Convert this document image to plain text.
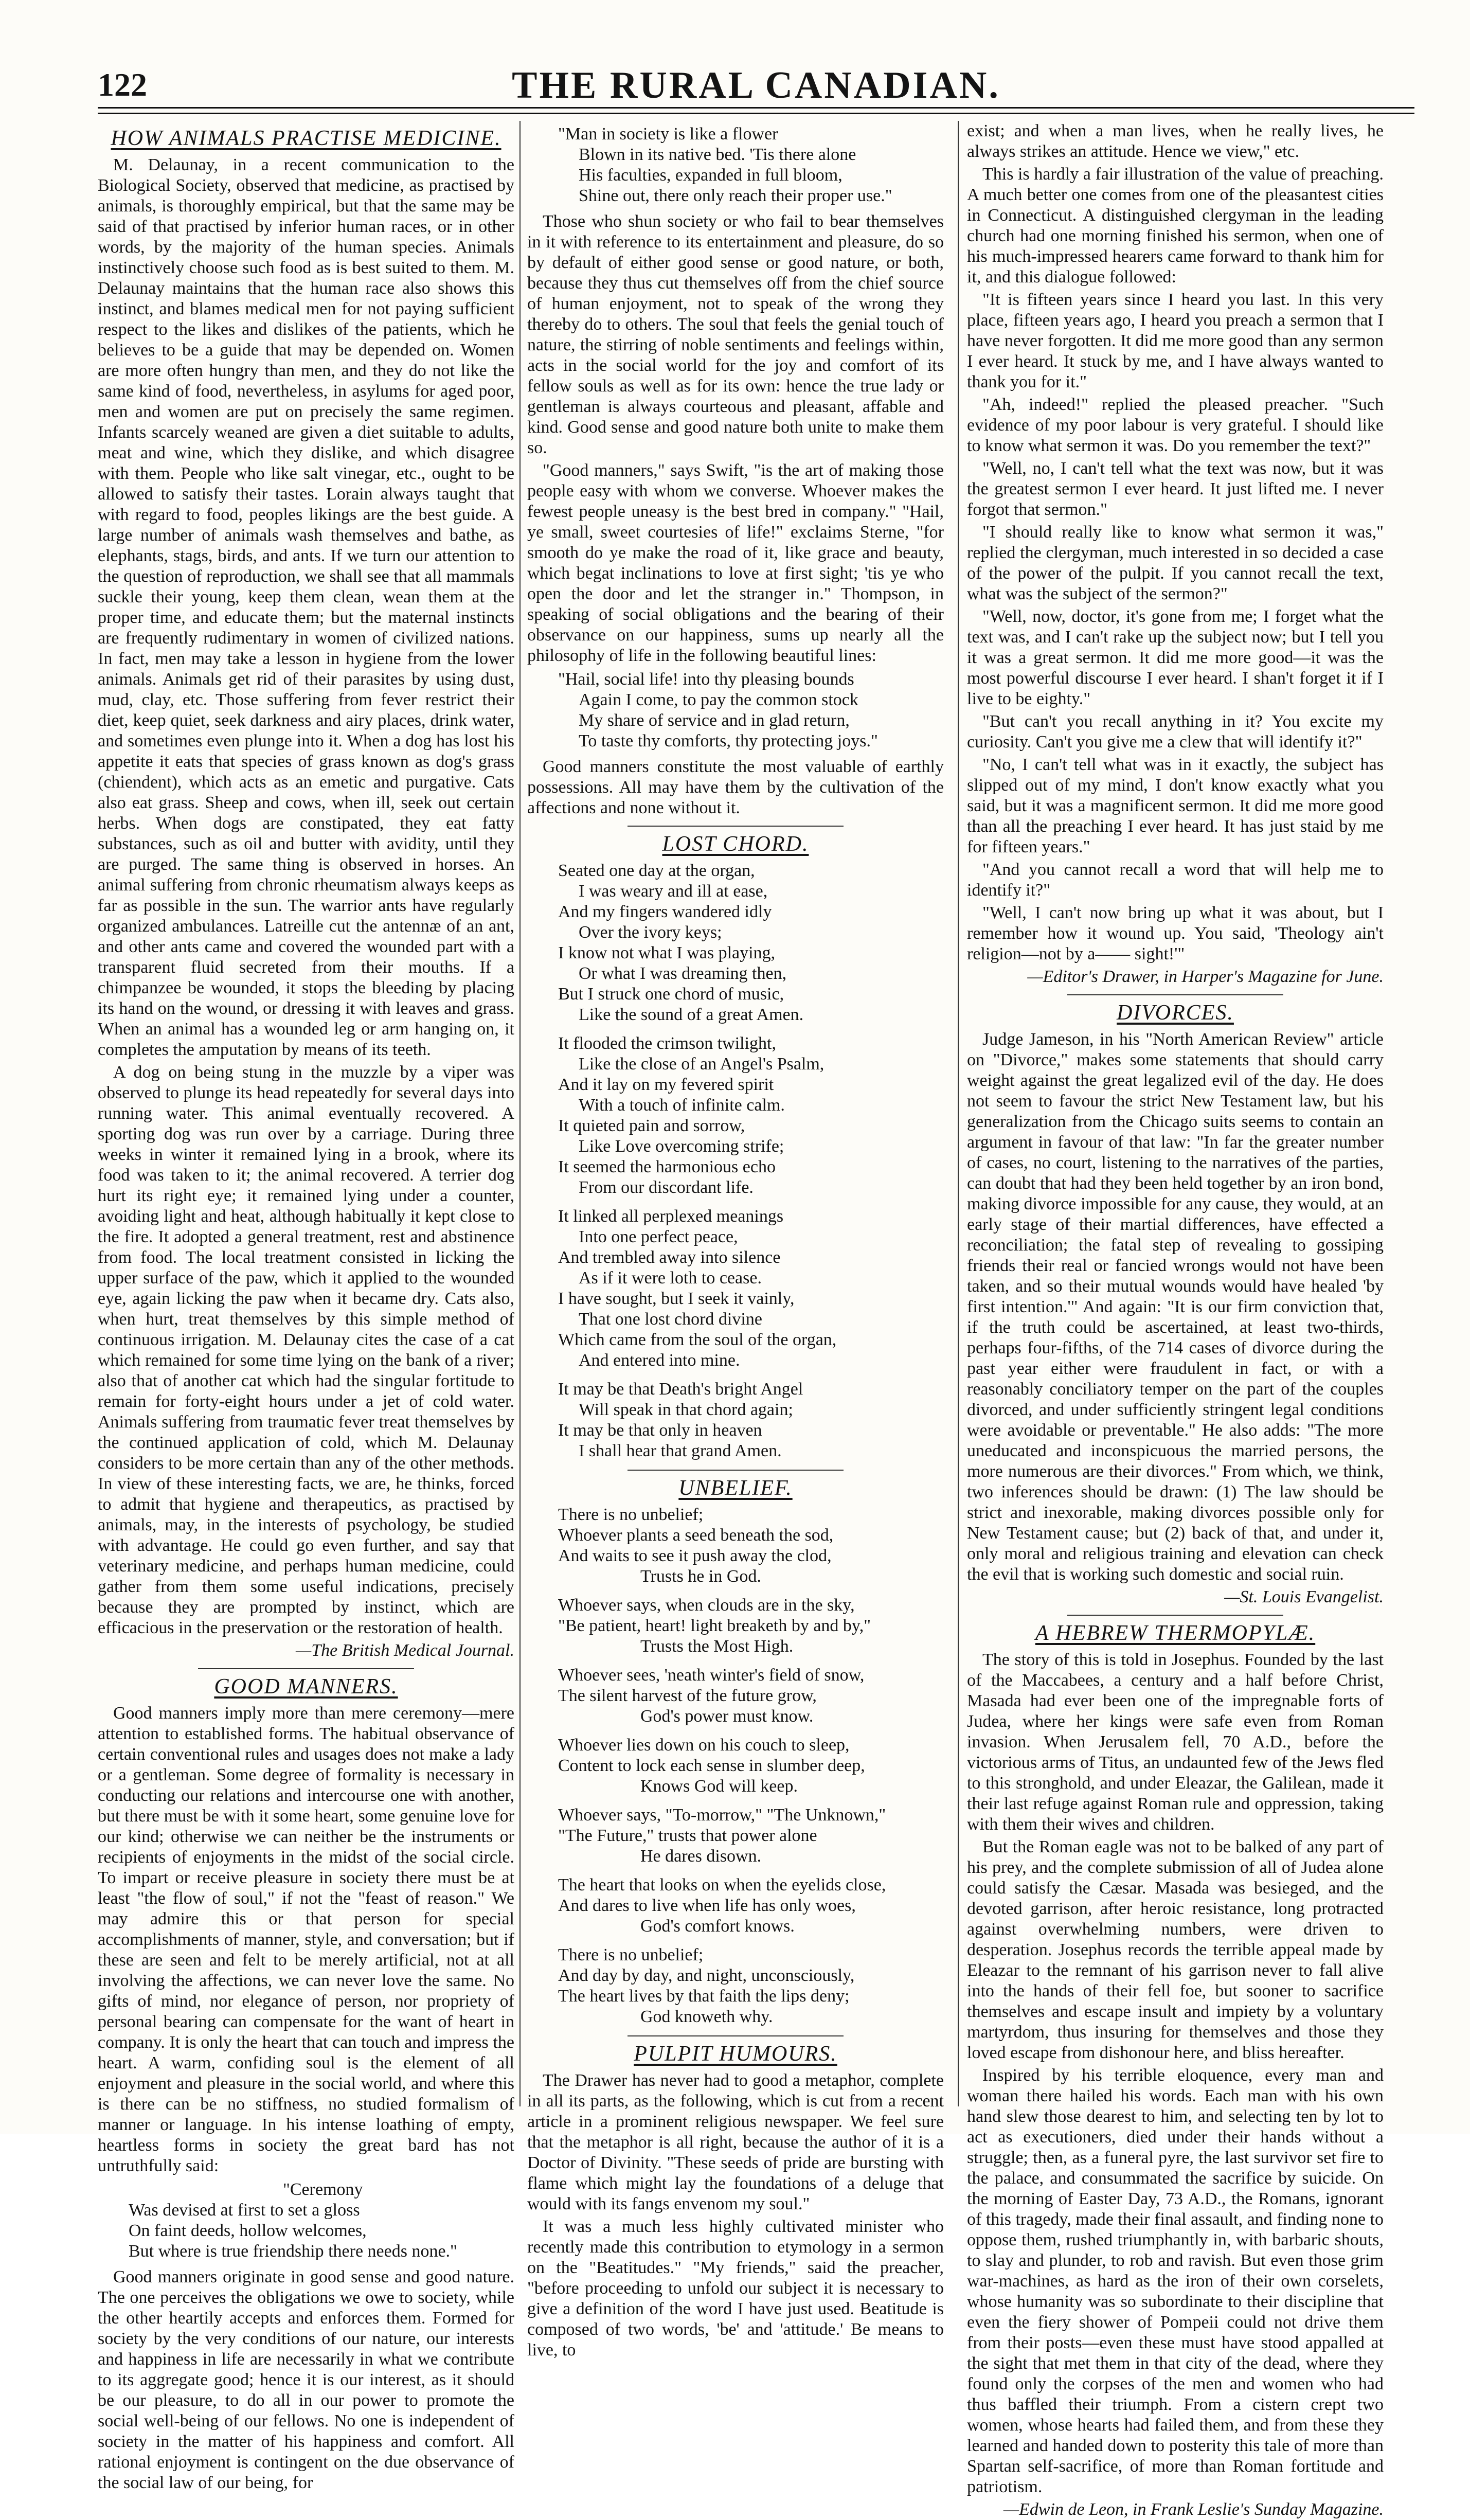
122	THE RURAL CANADIAN.
HOW ANIMALS PRACTISE MEDICINE.

M. Delaunay, in a recent communication to the Biological Society, observed that medicine, as practised by animals, is thoroughly empirical, but that the same may be said of that practised by inferior human races, or in other words, by the majority of the human species. Animals instinctively choose such food as is best suited to them. M. Delaunay maintains that the human race also shows this instinct, and blames medical men for not paying sufficient respect to the likes and dislikes of the patients, which he believes to be a guide that may be depended on. Women are more often hungry than men, and they do not like the same kind of food, nevertheless, in asylums for aged poor, men and women are put on precisely the same regimen. Infants scarcely weaned are given a diet suitable to adults, meat and wine, which they dislike, and which disagree with them. People who like salt vinegar, etc., ought to be allowed to satisfy their tastes. Lorain always taught that with regard to food, peoples likings are the best guide. A large number of animals wash themselves and bathe, as elephants, stags, birds, and ants. If we turn our attention to the question of reproduction, we shall see that all mammals suckle their young, keep them clean, wean them at the proper time, and educate them; but the maternal instincts are frequently rudimentary in women of civilized nations. In fact, men may take a lesson in hygiene from the lower animals. Animals get rid of their parasites by using dust, mud, clay, etc. Those suffering from fever restrict their diet, keep quiet, seek darkness and airy places, drink water, and sometimes even plunge into it. When a dog has lost his appetite it eats that species of grass known as dog's grass (chiendent), which acts as an emetic and purgative. Cats also eat grass. Sheep and cows, when ill, seek out certain herbs. When dogs are constipated, they eat fatty substances, such as oil and butter with avidity, until they are purged. The same thing is observed in horses. An animal suffering from chronic rheumatism always keeps as far as possible in the sun. The warrior ants have regularly organized ambulances. Latreille cut the antennæ of an ant, and other ants came and covered the wounded part with a transparent fluid secreted from their mouths. If a chimpanzee be wounded, it stops the bleeding by placing its hand on the wound, or dressing it with leaves and grass. When an animal has a wounded leg or arm hanging on, it completes the amputation by means of its teeth.

A dog on being stung in the muzzle by a viper was observed to plunge its head repeatedly for several days into running water. This animal eventually recovered. A sporting dog was run over by a carriage. During three weeks in winter it remained lying in a brook, where its food was taken to it; the animal recovered. A terrier dog hurt its right eye; it remained lying under a counter, avoiding light and heat, although habitually it kept close to the fire. It adopted a general treatment, rest and abstinence from food. The local treatment consisted in licking the upper surface of the paw, which it applied to the wounded eye, again licking the paw when it became dry. Cats also, when hurt, treat themselves by this simple method of continuous irrigation. M. Delaunay cites the case of a cat which remained for some time lying on the bank of a river; also that of another cat which had the singular fortitude to remain for forty-eight hours under a jet of cold water. Animals suffering from traumatic fever treat themselves by the continued application of cold, which M. Delaunay considers to be more certain than any of the other methods. In view of these interesting facts, we are, he thinks, forced to admit that hygiene and therapeutics, as practised by animals, may, in the interests of psychology, be studied with advantage. He could go even further, and say that veterinary medicine, and perhaps human medicine, could gather from them some useful indications, precisely because they are prompted by instinct, which are efficacious in the preservation or the restoration of health.

—The British Medical Journal.

GOOD MANNERS.

Good manners imply more than mere ceremony—mere attention to established forms. The habitual observance of certain conventional rules and usages does not make a lady or a gentleman. Some degree of formality is necessary in conducting our relations and intercourse one with another, but there must be with it some heart, some genuine love for our kind; otherwise we can neither be the instruments or recipients of enjoyments in the midst of the social circle. To impart or receive pleasure in society there must be at least "the flow of soul," if not the "feast of reason." We may admire this or that person for special accomplishments of manner, style, and conversation; but if these are seen and felt to be merely artificial, not at all involving the affections, we can never love the same. No gifts of mind, nor elegance of person, nor propriety of personal bearing can compensate for the want of heart in company. It is only the heart that can touch and impress the heart. A warm, confiding soul is the element of all enjoyment and pleasure in the social world, and where this is there can be no stiffness, no studied formalism of manner or language. In his intense loathing of empty, heartless forms in society the great bard has not untruthfully said:

"Ceremony
Was devised at first to set a gloss
On faint deeds, hollow welcomes,
But where is true friendship there needs none."

Good manners originate in good sense and good nature. The one perceives the obligations we owe to society, while the other heartily accepts and enforces them. Formed for society by the very conditions of our nature, our interests and happiness in life are necessarily in what we contribute to its aggregate good; hence it is our interest, as it should be our pleasure, to do all in our power to promote the social well-being of our fellows. No one is independent of society in the matter of his happiness and comfort. All rational enjoyment is contingent on the due observance of the social law of our being, for

"Man in society is like a flower
Blown in its native bed. 'Tis there alone
His faculties, expanded in full bloom,
Shine out, there only reach their proper use."

Those who shun society or who fail to bear themselves in it with reference to its entertainment and pleasure, do so by default of either good sense or good nature, or both, because they thus cut themselves off from the chief source of human enjoyment, not to speak of the wrong they thereby do to others. The soul that feels the genial touch of nature, the stirring of noble sentiments and feelings within, acts in the social world for the joy and comfort of its fellow souls as well as for its own: hence the true lady or gentleman is always courteous and pleasant, affable and kind. Good sense and good nature both unite to make them so.

"Good manners," says Swift, "is the art of making those people easy with whom we converse. Whoever makes the fewest people uneasy is the best bred in company." "Hail, ye small, sweet courtesies of life!" exclaims Sterne, "for smooth do ye make the road of it, like grace and beauty, which begat inclinations to love at first sight; 'tis ye who open the door and let the stranger in." Thompson, in speaking of social obligations and the bearing of their observance on our happiness, sums up nearly all the philosophy of life in the following beautiful lines:

"Hail, social life! into thy pleasing bounds
Again I come, to pay the common stock
My share of service and in glad return,
To taste thy comforts, thy protecting joys."

Good manners constitute the most valuable of earthly possessions. All may have them by the cultivation of the affections and none without it.

LOST CHORD.
Seated one day at the organ,
I was weary and ill at ease,
And my fingers wandered idly
Over the ivory keys;
I know not what I was playing,
Or what I was dreaming then,
But I struck one chord of music,
Like the sound of a great Amen.
It flooded the crimson twilight,
Like the close of an Angel's Psalm,
And it lay on my fevered spirit
With a touch of infinite calm.
It quieted pain and sorrow,
Like Love overcoming strife;
It seemed the harmonious echo
From our discordant life.
It linked all perplexed meanings
Into one perfect peace,
And trembled away into silence
As if it were loth to cease.
I have sought, but I seek it vainly,
That one lost chord divine
Which came from the soul of the organ,
And entered into mine.
It may be that Death's bright Angel
Will speak in that chord again;
It may be that only in heaven
I shall hear that grand Amen.
UNBELIEF.
There is no unbelief;
Whoever plants a seed beneath the sod,
And waits to see it push away the clod,
Trusts he in God.
Whoever says, when clouds are in the sky,
"Be patient, heart! light breaketh by and by,"
Trusts the Most High.
Whoever sees, 'neath winter's field of snow,
The silent harvest of the future grow,
God's power must know.
Whoever lies down on his couch to sleep,
Content to lock each sense in slumber deep,
Knows God will keep.
Whoever says, "To-morrow," "The Unknown,"
"The Future," trusts that power alone
He dares disown.
The heart that looks on when the eyelids close,
And dares to live when life has only woes,
God's comfort knows.
There is no unbelief;
And day by day, and night, unconsciously,
The heart lives by that faith the lips deny;
God knoweth why.
PULPIT HUMOURS.

The Drawer has never had to good a metaphor, complete in all its parts, as the following, which is cut from a recent article in a prominent religious newspaper. We feel sure that the metaphor is all right, because the author of it is a Doctor of Divinity. "These seeds of pride are bursting with flame which might lay the foundations of a deluge that would with its fangs envenom my soul."

It was a much less highly cultivated minister who recently made this contribution to etymology in a sermon on the "Beatitudes." "My friends," said the preacher, "before proceeding to unfold our subject it is necessary to give a definition of the word I have just used. Beatitude is composed of two words, 'be' and 'attitude.' Be means to live, to

exist; and when a man lives, when he really lives, he always strikes an attitude. Hence we view," etc.

This is hardly a fair illustration of the value of preaching. A much better one comes from one of the pleasantest cities in Connecticut. A distinguished clergyman in the leading church had one morning finished his sermon, when one of his much-impressed hearers came forward to thank him for it, and this dialogue followed:

"It is fifteen years since I heard you last. In this very place, fifteen years ago, I heard you preach a sermon that I have never forgotten. It did me more good than any sermon I ever heard. It stuck by me, and I have always wanted to thank you for it."

"Ah, indeed!" replied the pleased preacher. "Such evidence of my poor labour is very grateful. I should like to know what sermon it was. Do you remember the text?"

"Well, no, I can't tell what the text was now, but it was the greatest sermon I ever heard. It just lifted me. I never forgot that sermon."

"I should really like to know what sermon it was," replied the clergyman, much interested in so decided a case of the power of the pulpit. If you cannot recall the text, what was the subject of the sermon?"

"Well, now, doctor, it's gone from me; I forget what the text was, and I can't rake up the subject now; but I tell you it was a great sermon. It did me more good—it was the most powerful discourse I ever heard. I shan't forget it if I live to be eighty."

"But can't you recall anything in it? You excite my curiosity. Can't you give me a clew that will identify it?"

"No, I can't tell what was in it exactly, the subject has slipped out of my mind, I don't know exactly what you said, but it was a magnificent sermon. It did me more good than all the preaching I ever heard. It has just staid by me for fifteen years."

"And you cannot recall a word that will help me to identify it?"

"Well, I can't now bring up what it was about, but I remember how it wound up. You said, 'Theology ain't religion—not by a—— sight!'"

—Editor's Drawer, in Harper's Magazine for June.

DIVORCES.

Judge Jameson, in his "North American Review" article on "Divorce," makes some statements that should carry weight against the great legalized evil of the day. He does not seem to favour the strict New Testament law, but his generalization from the Chicago suits seems to contain an argument in favour of that law: "In far the greater number of cases, no court, listening to the narratives of the parties, can doubt that had they been held together by an iron bond, making divorce impossible for any cause, they would, at an early stage of their martial differences, have effected a reconciliation; the fatal step of revealing to gossiping friends their real or fancied wrongs would not have been taken, and so their mutual wounds would have healed 'by first intention.'" And again: "It is our firm conviction that, if the truth could be ascertained, at least two-thirds, perhaps four-fifths, of the 714 cases of divorce during the past year either were fraudulent in fact, or with a reasonably conciliatory temper on the part of the couples divorced, and under sufficiently stringent legal conditions were avoidable or preventable." He also adds: "The more uneducated and inconspicuous the married persons, the more numerous are their divorces." From which, we think, two inferences should be drawn: (1) The law should be strict and inexorable, making divorces possible only for New Testament cause; but (2) back of that, and under it, only moral and religious training and elevation can check the evil that is working such domestic and social ruin.

—St. Louis Evangelist.

A HEBREW THERMOPYLÆ.

The story of this is told in Josephus. Founded by the last of the Maccabees, a century and a half before Christ, Masada had ever been one of the impregnable forts of Judea, where her kings were safe even from Roman invasion. When Jerusalem fell, 70 A.D., before the victorious arms of Titus, an undaunted few of the Jews fled to this stronghold, and under Eleazar, the Galilean, made it their last refuge against Roman rule and oppression, taking with them their wives and children.

But the Roman eagle was not to be balked of any part of his prey, and the complete submission of all of Judea alone could satisfy the Cæsar. Masada was besieged, and the devoted garrison, after heroic resistance, long protracted against overwhelming numbers, were driven to desperation. Josephus records the terrible appeal made by Eleazar to the remnant of his garrison never to fall alive into the hands of their fell foe, but sooner to sacrifice themselves and escape insult and impiety by a voluntary martyrdom, thus insuring for themselves and those they loved escape from dishonour here, and bliss hereafter.

Inspired by his terrible eloquence, every man and woman there hailed his words. Each man with his own hand slew those dearest to him, and selecting ten by lot to act as executioners, died under their hands without a struggle; then, as a funeral pyre, the last survivor set fire to the palace, and consummated the sacrifice by suicide. On the morning of Easter Day, 73 A.D., the Romans, ignorant of this tragedy, made their final assault, and finding none to oppose them, rushed triumphantly in, with barbaric shouts, to slay and plunder, to rob and ravish. But even those grim war-machines, as hard as the iron of their own corselets, whose humanity was so subordinate to their discipline that even the fiery shower of Pompeii could not drive them from their posts—even these must have stood appalled at the sight that met them in that city of the dead, where they found only the corpses of the men and women who had thus baffled their triumph. From a cistern crept two women, whose hearts had failed them, and from these they learned and handed down to posterity this tale of more than Spartan self-sacrifice, of more than Roman fortitude and patriotism.

—Edwin de Leon, in Frank Leslie's Sunday Magazine.
